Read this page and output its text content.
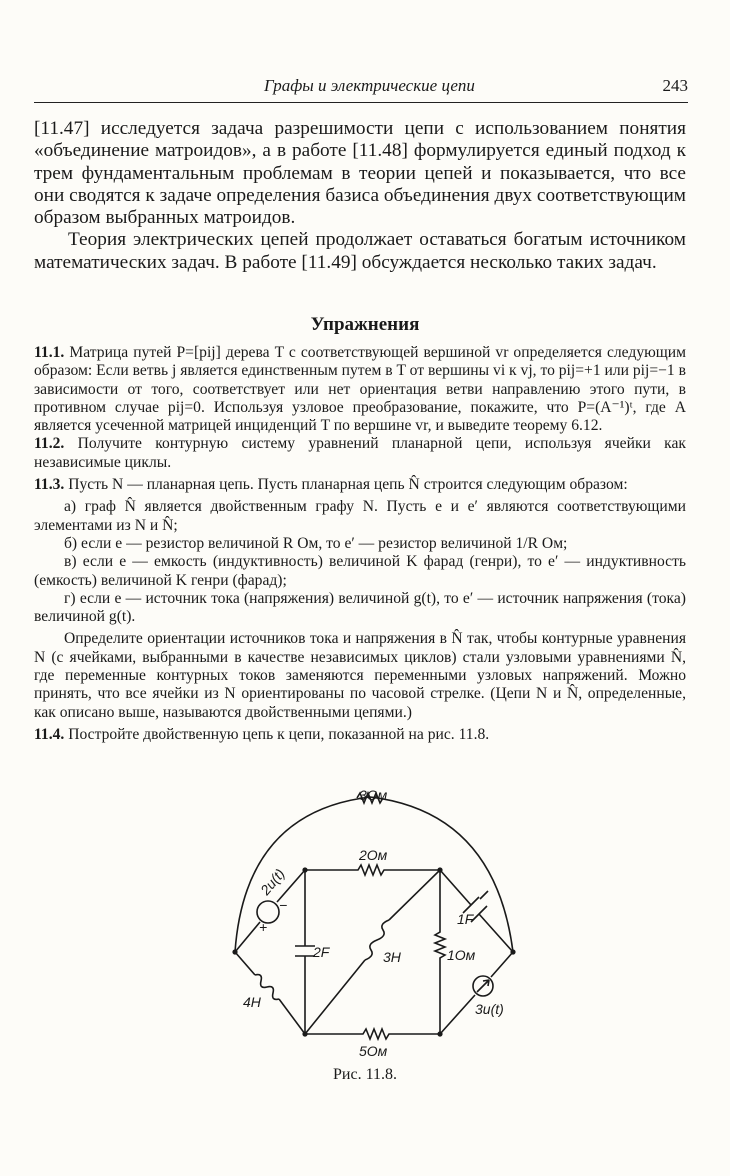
Графы и электрические цепи	243

[11.47] исследуется задача разрешимости цепи с использованием понятия «объединение матроидов», а в работе [11.48] формулируется единый подход к трем фундаментальным проблемам в теории цепей и показывается, что все они сводятся к задаче определения базиса объединения двух соответствующим образом выбранных матроидов.

Теория электрических цепей продолжает оставаться богатым источником математических задач. В работе [11.49] обсуждается несколько таких задач.

Упражнения

11.1. Матрица путей P=[pij] дерева T с соответствующей вершиной vr определяется следующим образом: Если ветвь j является единственным путем в T от вершины vi к vj, то pij=+1 или pij=−1 в зависимости от того, соответствует или нет ориентация ветви направлению этого пути, в противном случае pij=0. Используя узловое преобразование, покажите, что P=(A⁻¹)ᵗ, где A является усеченной матрицей инциденций T по вершине vr, и выведите теорему 6.12.

11.2. Получите контурную систему уравнений планарной цепи, используя ячейки как независимые циклы.

11.3. Пусть N — планарная цепь. Пусть планарная цепь N̂ строится следующим образом:

а) граф N̂ является двойственным графу N. Пусть e и e′ являются соответствующими элементами из N и N̂;

б) если e — резистор величиной R Ом, то e′ — резистор величиной 1/R Ом;

в) если e — емкость (индуктивность) величиной K фарад (генри), то e′ — индуктивность (емкость) величиной K генри (фарад);

г) если e — источник тока (напряжения) величиной g(t), то e′ — источник напряжения (тока) величиной g(t).

Определите ориентации источников тока и напряжения в N̂ так, чтобы контурные уравнения N (с ячейками, выбранными в качестве независимых циклов) стали узловыми уравнениями N̂, где переменные контурных токов заменяются переменными узловых напряжений. Можно принять, что все ячейки из N ориентированы по часовой стрелке. (Цепи N и N̂, определенные, как описано выше, называются двойственными цепями.)

11.4. Постройте двойственную цепь к цепи, показанной на рис. 11.8.

3Ом
2Ом
1Ом
5Ом
2F
1F
3H
4H
2u(t)
3u(t)
+
−
Рис. 11.8.
